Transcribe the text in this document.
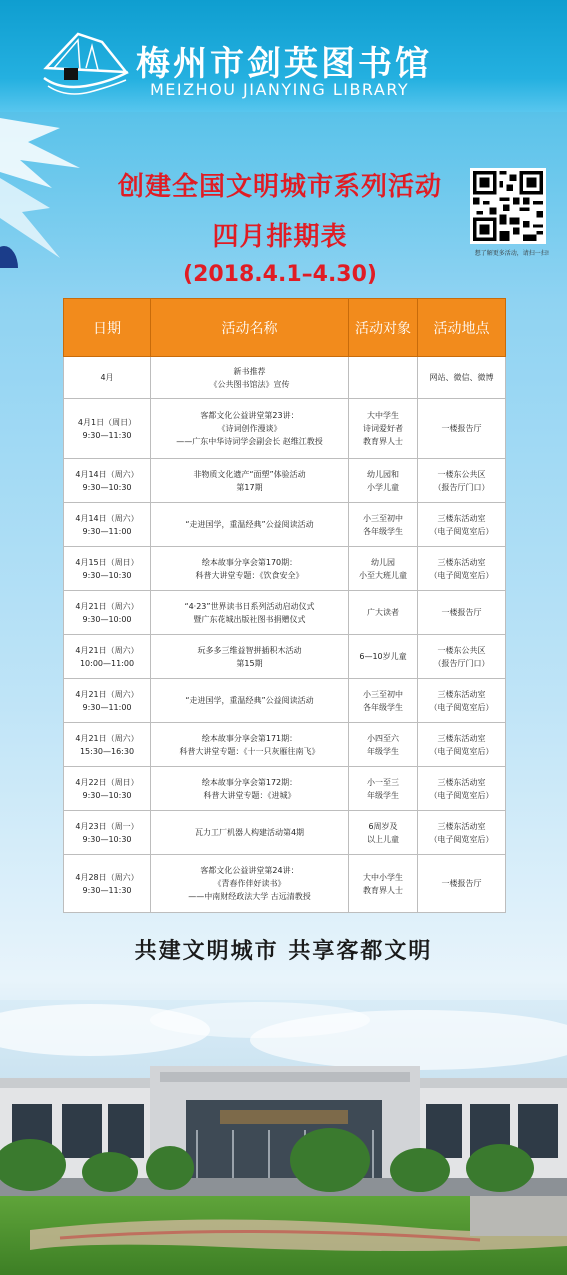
梅州市剑英图书馆
MEIZHOU JIANYING LIBRARY
创建全国文明城市系列活动
四月排期表
(2018.4.1–4.30)
想了解更多活动，请扫一扫!
日期	活动名称	活动对象	活动地点

4月	新书推荐
《公共图书馆法》宣传		网站、微信、微博

4月1日（周日）
9:30—11:30	客都文化公益讲堂第23讲：
《诗词创作漫谈》
——广东中华诗词学会副会长 赵维江教授	大中学生
诗词爱好者
教育界人士	一楼报告厅

4月14日（周六）
9:30—10:30	非物质文化遗产“面塑”体验活动
第17期	幼儿园和
小学儿童	一楼东公共区
（报告厅门口）

4月14日（周六）
9:30—11:00	“走进国学，重温经典”公益阅读活动	小三至初中
各年级学生	三楼东活动室
（电子阅览室后）

4月15日（周日）
9:30—10:30	绘本故事分享会第170期：
科普大讲堂专题：《饮食安全》	幼儿园
小至大班儿童	三楼东活动室
（电子阅览室后）

4月21日（周六）
9:30—10:00	“4·23”世界读书日系列活动启动仪式
暨广东花城出版社图书捐赠仪式	广大读者	一楼报告厅

4月21日（周六）
10:00—11:00	玩多多三维益智拼插积木活动
第15期	6—10岁儿童	一楼东公共区
（报告厅门口）

4月21日（周六）
9:30—11:00	“走进国学，重温经典”公益阅读活动	小三至初中
各年级学生	三楼东活动室
（电子阅览室后）

4月21日（周六）
15:30—16:30	绘本故事分享会第171期：
科普大讲堂专题：《十一只灰雁往南飞》	小四至六
年级学生	三楼东活动室
（电子阅览室后）

4月22日（周日）
9:30—10:30	绘本故事分享会第172期：
科普大讲堂专题：《进城》	小一至三
年级学生	三楼东活动室
（电子阅览室后）

4月23日（周一）
9:30—10:30	瓦力工厂机器人构建活动第4期	6周岁及
以上儿童	三楼东活动室
（电子阅览室后）

4月28日（周六）
9:30—11:30	客都文化公益讲堂第24讲：
《青春作伴好读书》
——中南财经政法大学 古远清教授	大中小学生
教育界人士	一楼报告厅
共建文明城市 共享客都文明
